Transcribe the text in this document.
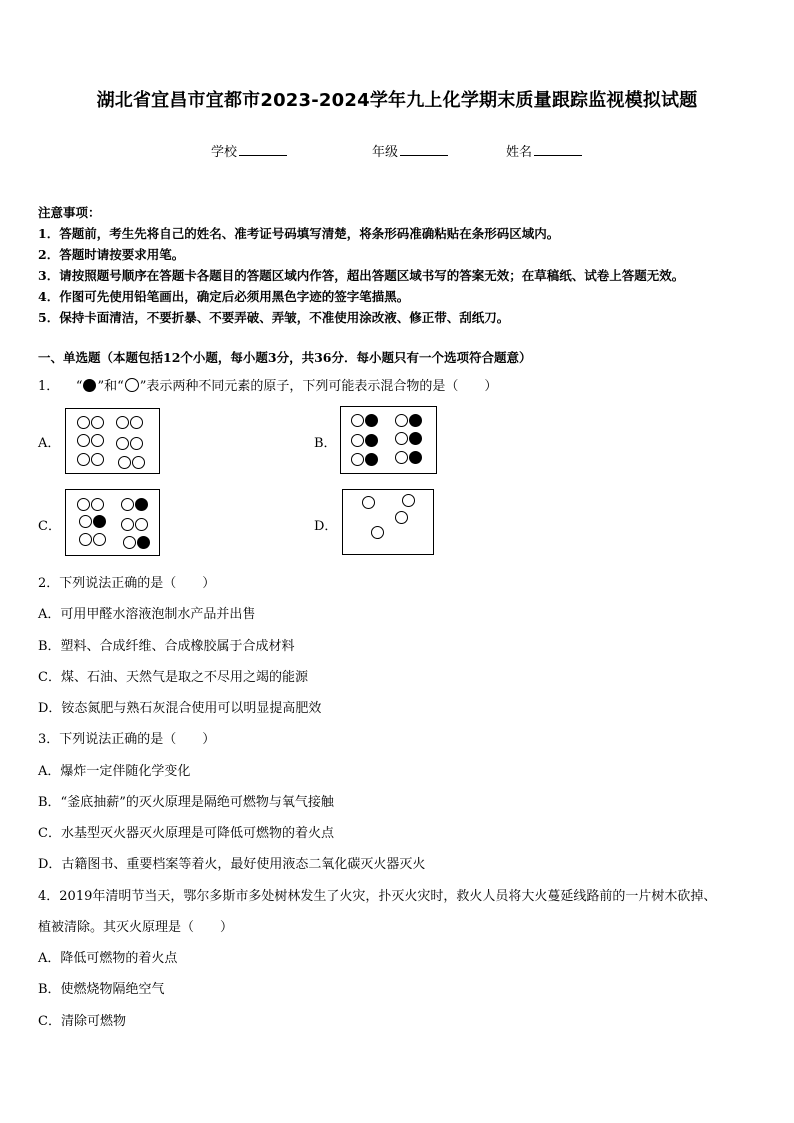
湖北省宜昌市宜都市2023-2024学年九上化学期末质量跟踪监视模拟试题
学校	年级	姓名
注意事项：
1．答题前，考生先将自己的姓名、准考证号码填写清楚，将条形码准确粘贴在条形码区域内。
2．答题时请按要求用笔。
3．请按照题号顺序在答题卡各题目的答题区域内作答，超出答题区域书写的答案无效；在草稿纸、试卷上答题无效。
4．作图可先使用铅笔画出，确定后必须用黑色字迹的签字笔描黑。
5．保持卡面清洁，不要折暴、不要弄破、弄皱，不准使用涂改液、修正带、刮纸刀。
一、单选题（本题包括12个小题，每小题3分，共36分．每小题只有一个选项符合题意）
1． “ ”和“ ”表示两种不同元素的原子，下列可能表示混合物的是（　　）
A．	B．
C．	D．
2．下列说法正确的是（　　）
A．可用甲醛水溶液泡制水产品并出售
B．塑料、合成纤维、合成橡胶属于合成材料
C．煤、石油、天然气是取之不尽用之竭的能源
D．铵态氮肥与熟石灰混合使用可以明显提高肥效
3．下列说法正确的是（　　）
A．爆炸一定伴随化学变化
B．“釜底抽薪”的灭火原理是隔绝可燃物与氧气接触
C．水基型灭火器灭火原理是可降低可燃物的着火点
D．古籍图书、重要档案等着火，最好使用液态二氧化碳灭火器灭火
4．2019年清明节当天，鄂尔多斯市多处树林发生了火灾，扑灭火灾时，救火人员将大火蔓延线路前的一片树木砍掉、
植被清除。其灭火原理是（　　）
A．降低可燃物的着火点
B．使燃烧物隔绝空气
C．清除可燃物
